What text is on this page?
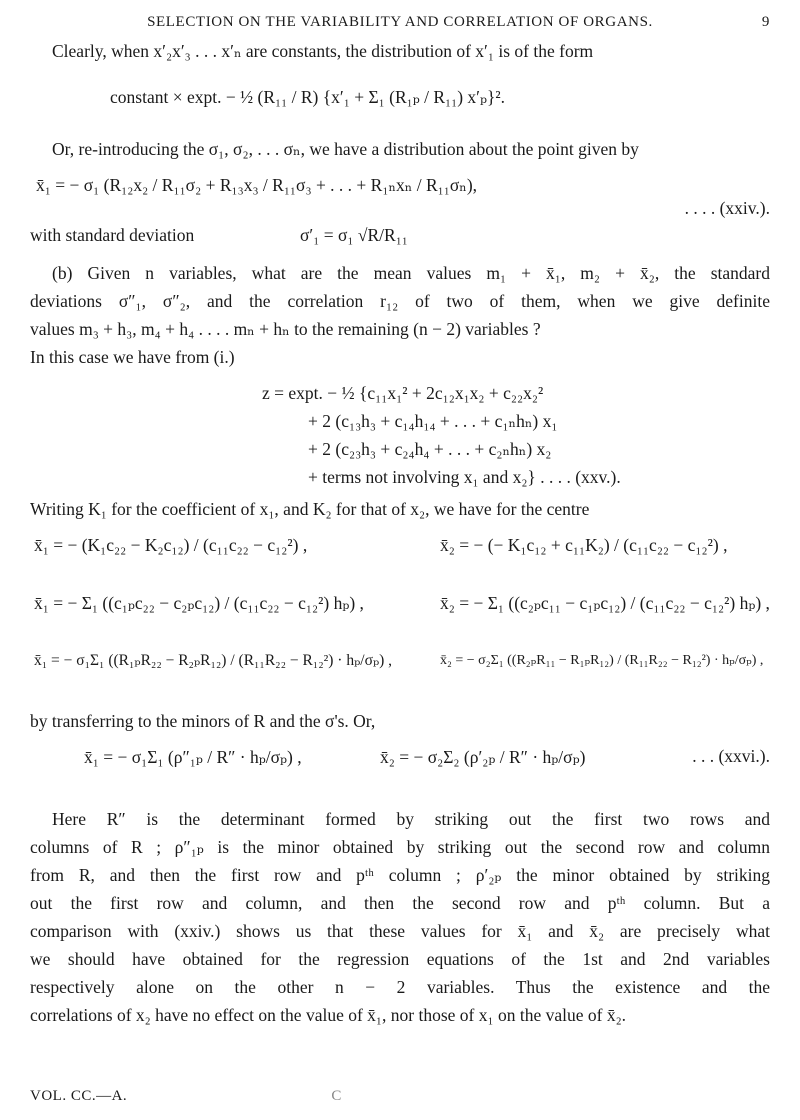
SELECTION ON THE VARIABILITY AND CORRELATION OF ORGANS.	9
Clearly, when x′₂x′₃ . . . x′ₙ are constants, the distribution of x′₁ is of the form
constant × expt. − ½ (R₁₁ / R) {x′₁ + Σ₁ (R₁ₚ / R₁₁) x′ₚ}².
Or, re-introducing the σ₁, σ₂, . . . σₙ, we have a distribution about the point given by
x̄₁ = − σ₁ (R₁₂x₂ / R₁₁σ₂ + R₁₃x₃ / R₁₁σ₃ + . . . + R₁ₙxₙ / R₁₁σₙ),
with standard deviation	σ′₁ = σ₁ √R/R₁₁
. . . . (xxiv.).
(b) Given n variables, what are the mean values m₁ + x̄₁, m₂ + x̄₂, the standard
deviations σ″₁, σ″₂, and the correlation r₁₂ of two of them, when we give definite
values m₃ + h₃, m₄ + h₄ . . . . mₙ + hₙ to the remaining (n − 2) variables ?
In this case we have from (i.)
z = expt. − ½ {c₁₁x₁² + 2c₁₂x₁x₂ + c₂₂x₂²
+ 2 (c₁₃h₃ + c₁₄h₁₄ + . . . + c₁ₙhₙ) x₁
+ 2 (c₂₃h₃ + c₂₄h₄ + . . . + c₂ₙhₙ) x₂
+ terms not involving x₁ and x₂} . . . . (xxv.).
Writing K₁ for the coefficient of x₁, and K₂ for that of x₂, we have for the centre
x̄₁ = − (K₁c₂₂ − K₂c₁₂) / (c₁₁c₂₂ − c₁₂²) ,	x̄₂ = − (− K₁c₁₂ + c₁₁K₂) / (c₁₁c₂₂ − c₁₂²) ,
x̄₁ = − Σ₁ ((c₁ₚc₂₂ − c₂ₚc₁₂) / (c₁₁c₂₂ − c₁₂²) hₚ) ,	x̄₂ = − Σ₁ ((c₂ₚc₁₁ − c₁ₚc₁₂) / (c₁₁c₂₂ − c₁₂²) hₚ) ,
x̄₁ = − σ₁Σ₁ ((R₁ₚR₂₂ − R₂ₚR₁₂) / (R₁₁R₂₂ − R₁₂²) · hₚ/σₚ) ,	x̄₂ = − σ₂Σ₁ ((R₂ₚR₁₁ − R₁ₚR₁₂) / (R₁₁R₂₂ − R₁₂²) · hₚ/σₚ) ,
by transferring to the minors of R and the σ's. Or,
x̄₁ = − σ₁Σ₁ (ρ″₁ₚ / R″ · hₚ/σₚ) ,	x̄₂ = − σ₂Σ₂ (ρ′₂ₚ / R″ · hₚ/σₚ)	. . . (xxvi.).
Here R″ is the determinant formed by striking out the first two rows and
columns of R ; ρ″₁ₚ is the minor obtained by striking out the second row and column
from R, and then the first row and pᵗʰ column ; ρ′₂ₚ the minor obtained by striking
out the first row and column, and then the second row and pᵗʰ column. But a
comparison with (xxiv.) shows us that these values for x̄₁ and x̄₂ are precisely what
we should have obtained for the regression equations of the 1st and 2nd variables
respectively alone on the other n − 2 variables. Thus the existence and the
correlations of x₂ have no effect on the value of x̄₁, nor those of x₁ on the value of x̄₂.
VOL. CC.—A.	C
